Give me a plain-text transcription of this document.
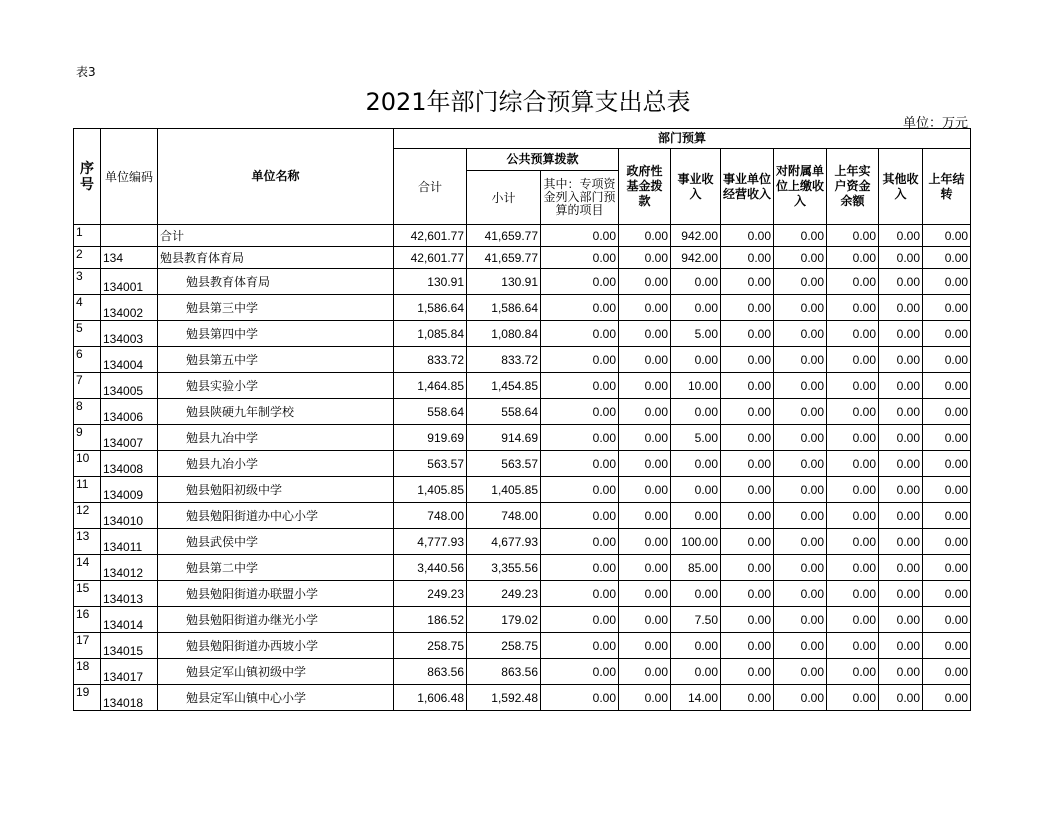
表3
2021年部门综合预算支出总表
单位：万元
序号	单位编码	单位名称	部门预算									
			合计	公共预算拨款		政府性基金拨款	事业收入	事业单位经营收入	对附属单位上缴收入	上年实户资金余额	其他收入	上年结转
				小计	其中：专项资金列入部门预算的项目							
1		合计	42,601.77	41,659.77	0.00	0.00	942.00	0.00	0.00	0.00	0.00	0.00
2	134	勉县教育体育局	42,601.77	41,659.77	0.00	0.00	942.00	0.00	0.00	0.00	0.00	0.00
3	134001	勉县教育体育局	130.91	130.91	0.00	0.00	0.00	0.00	0.00	0.00	0.00	0.00
4	134002	勉县第三中学	1,586.64	1,586.64	0.00	0.00	0.00	0.00	0.00	0.00	0.00	0.00
5	134003	勉县第四中学	1,085.84	1,080.84	0.00	0.00	5.00	0.00	0.00	0.00	0.00	0.00
6	134004	勉县第五中学	833.72	833.72	0.00	0.00	0.00	0.00	0.00	0.00	0.00	0.00
7	134005	勉县实验小学	1,464.85	1,454.85	0.00	0.00	10.00	0.00	0.00	0.00	0.00	0.00
8	134006	勉县陕硬九年制学校	558.64	558.64	0.00	0.00	0.00	0.00	0.00	0.00	0.00	0.00
9	134007	勉县九冶中学	919.69	914.69	0.00	0.00	5.00	0.00	0.00	0.00	0.00	0.00
10	134008	勉县九冶小学	563.57	563.57	0.00	0.00	0.00	0.00	0.00	0.00	0.00	0.00
11	134009	勉县勉阳初级中学	1,405.85	1,405.85	0.00	0.00	0.00	0.00	0.00	0.00	0.00	0.00
12	134010	勉县勉阳街道办中心小学	748.00	748.00	0.00	0.00	0.00	0.00	0.00	0.00	0.00	0.00
13	134011	勉县武侯中学	4,777.93	4,677.93	0.00	0.00	100.00	0.00	0.00	0.00	0.00	0.00
14	134012	勉县第二中学	3,440.56	3,355.56	0.00	0.00	85.00	0.00	0.00	0.00	0.00	0.00
15	134013	勉县勉阳街道办联盟小学	249.23	249.23	0.00	0.00	0.00	0.00	0.00	0.00	0.00	0.00
16	134014	勉县勉阳街道办继光小学	186.52	179.02	0.00	0.00	7.50	0.00	0.00	0.00	0.00	0.00
17	134015	勉县勉阳街道办西坡小学	258.75	258.75	0.00	0.00	0.00	0.00	0.00	0.00	0.00	0.00
18	134017	勉县定军山镇初级中学	863.56	863.56	0.00	0.00	0.00	0.00	0.00	0.00	0.00	0.00
19	134018	勉县定军山镇中心小学	1,606.48	1,592.48	0.00	0.00	14.00	0.00	0.00	0.00	0.00	0.00
